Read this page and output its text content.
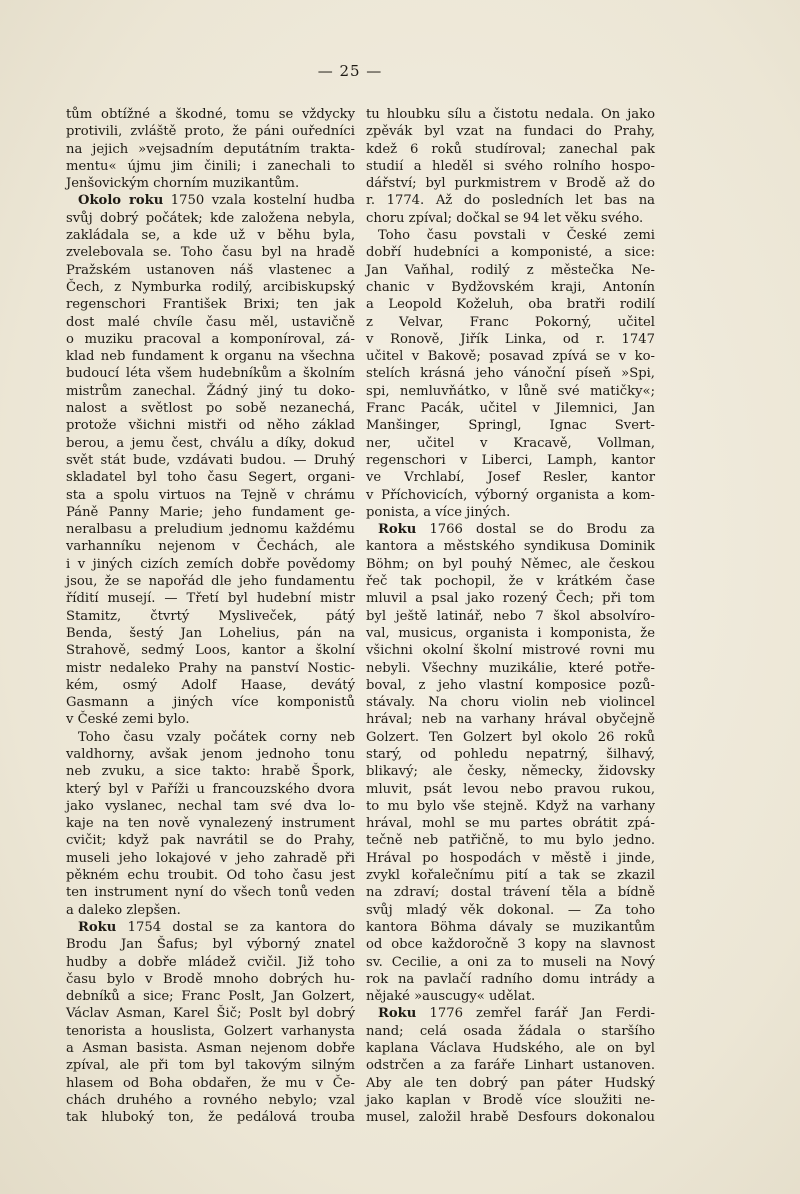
— 25 —
tům obtížné a škodné, tomu se vždycky
protivili, zvláště proto, že páni ouředníci
na jejich »vejsadním deputátním trakta-
mentu« újmu jim činili; i zanechali to
Jenšovickým chorním muzikantům.
Okolo roku 1750 vzala kostelní hudba
svůj dobrý počátek; kde založena nebyla,
zakládala se, a kde už v běhu byla,
zvelebovala se. Toho času byl na hradě
Pražském ustanoven náš vlastenec a
Čech, z Nymburka rodilý, arcibiskupský
regenschori František Brixi; ten jak
dost malé chvíle času měl, ustavičně
o muziku pracoval a komponíroval, zá-
klad neb fundament k organu na všechna
budoucí léta všem hudebníkům a školním
mistrům zanechal. Žádný jiný tu doko-
nalost a světlost po sobě nezanechá,
protože všichni mistři od něho základ
berou, a jemu čest, chválu a díky, dokud
svět stát bude, vzdávati budou. — Druhý
skladatel byl toho času Segert, organi-
sta a spolu virtuos na Tejně v chrámu
Páně Panny Marie; jeho fundament ge-
neralbasu a preludium jednomu každému
varhanníku nejenom v Čechách, ale
i v jiných cizích zemích dobře povědomy
jsou, že se napořád dle jeho fundamentu
řídití musejí. — Třetí byl hudební mistr
Stamitz, čtvrtý Mysliveček, pátý
Benda, šestý Jan Lohelius, pán na
Strahově, sedmý Loos, kantor a školní
mistr nedaleko Prahy na panství Nostic-
kém, osmý Adolf Haase, devátý
Gasmann a jiných více komponistů
v České zemi bylo.
Toho času vzaly počátek corny neb
valdhorny, avšak jenom jednoho tonu
neb zvuku, a sice takto: hrabě Špork,
který byl v Paříži u francouzského dvora
jako vyslanec, nechal tam své dva lo-
kaje na ten nově vynalezený instrument
cvičit; když pak navrátil se do Prahy,
museli jeho lokajové v jeho zahradě při
pěkném echu troubit. Od toho času jest
ten instrument nyní do všech tonů veden
a daleko zlepšen.
Roku 1754 dostal se za kantora do
Brodu Jan Šafus; byl výborný znatel
hudby a dobře mládež cvičil. Již toho
času bylo v Brodě mnoho dobrých hu-
debníků a sice; Franc Poslt, Jan Golzert,
Václav Asman, Karel Šič; Poslt byl dobrý
tenorista a houslista, Golzert varhanysta
a Asman basista. Asman nejenom dobře
zpíval, ale při tom byl takovým silným
hlasem od Boha obdařen, že mu v Če-
chách druhého a rovného nebylo; vzal
tak hluboký ton, že pedálová trouba
tu hloubku sílu a čistotu nedala. On jako
zpěvák byl vzat na fundaci do Prahy,
kdež 6 roků studíroval; zanechal pak
studií a hleděl si svého rolního hospo-
dářství; byl purkmistrem v Brodě až do
r. 1774. Až do posledních let bas na
choru zpíval; dočkal se 94 let věku svého.
Toho času povstali v České zemi
dobří hudebníci a komponisté, a sice:
Jan Vaňhal, rodilý z městečka Ne-
chanic v Bydžovském kraji, Antonín
a Leopold Koželuh, oba bratři rodilí
z Velvar, Franc Pokorný, učitel
v Ronově, Jiřík Linka, od r. 1747
učitel v Bakově; posavad zpívá se v ko-
stelích krásná jeho vánoční píseň »Spi,
spi, nemluvňátko, v lůně své matičky«;
Franc Pacák, učitel v Jilemnici, Jan
Manšinger, Springl, Ignac Svert-
ner, učitel v Kracavě, Vollman,
regenschori v Liberci, Lamph, kantor
ve Vrchlabí, Josef Resler, kantor
v Příchovicích, výborný organista a kom-
ponista, a více jiných.
Roku 1766 dostal se do Brodu za
kantora a městského syndikusa Dominik
Böhm; on byl pouhý Němec, ale českou
řeč tak pochopil, že v krátkém čase
mluvil a psal jako rozený Čech; při tom
byl ještě latinář, nebo 7 škol absolvíro-
val, musicus, organista i komponista, že
všichni okolní školní mistrové rovni mu
nebyli. Všechny muzikálie, které potře-
boval, z jeho vlastní komposice pozů-
stávaly. Na choru violin neb violincel
hrával; neb na varhany hrával obyčejně
Golzert. Ten Golzert byl okolo 26 roků
starý, od pohledu nepatrný, šilhavý,
blikavý; ale česky, německy, židovsky
mluvit, psát levou nebo pravou rukou,
to mu bylo vše stejně. Když na varhany
hrával, mohl se mu partes obrátit zpá-
tečně neb patřičně, to mu bylo jedno.
Hrával po hospodách v městě i jinde,
zvykl kořalečnímu pití a tak se zkazil
na zdraví; dostal trávení těla a bídně
svůj mladý věk dokonal. — Za toho
kantora Böhma dávaly se muzikantům
od obce každoročně 3 kopy na slavnost
sv. Cecilie, a oni za to museli na Nový
rok na pavlačí radního domu intrády a
nějaké »auscugy« udělat.
Roku 1776 zemřel farář Jan Ferdi-
nand; celá osada žádala o staršího
kaplana Václava Hudského, ale on byl
odstrčen a za faráře Linhart ustanoven.
Aby ale ten dobrý pan páter Hudský
jako kaplan v Brodě více sloužiti ne-
musel, založil hrabě Desfours dokonalou
